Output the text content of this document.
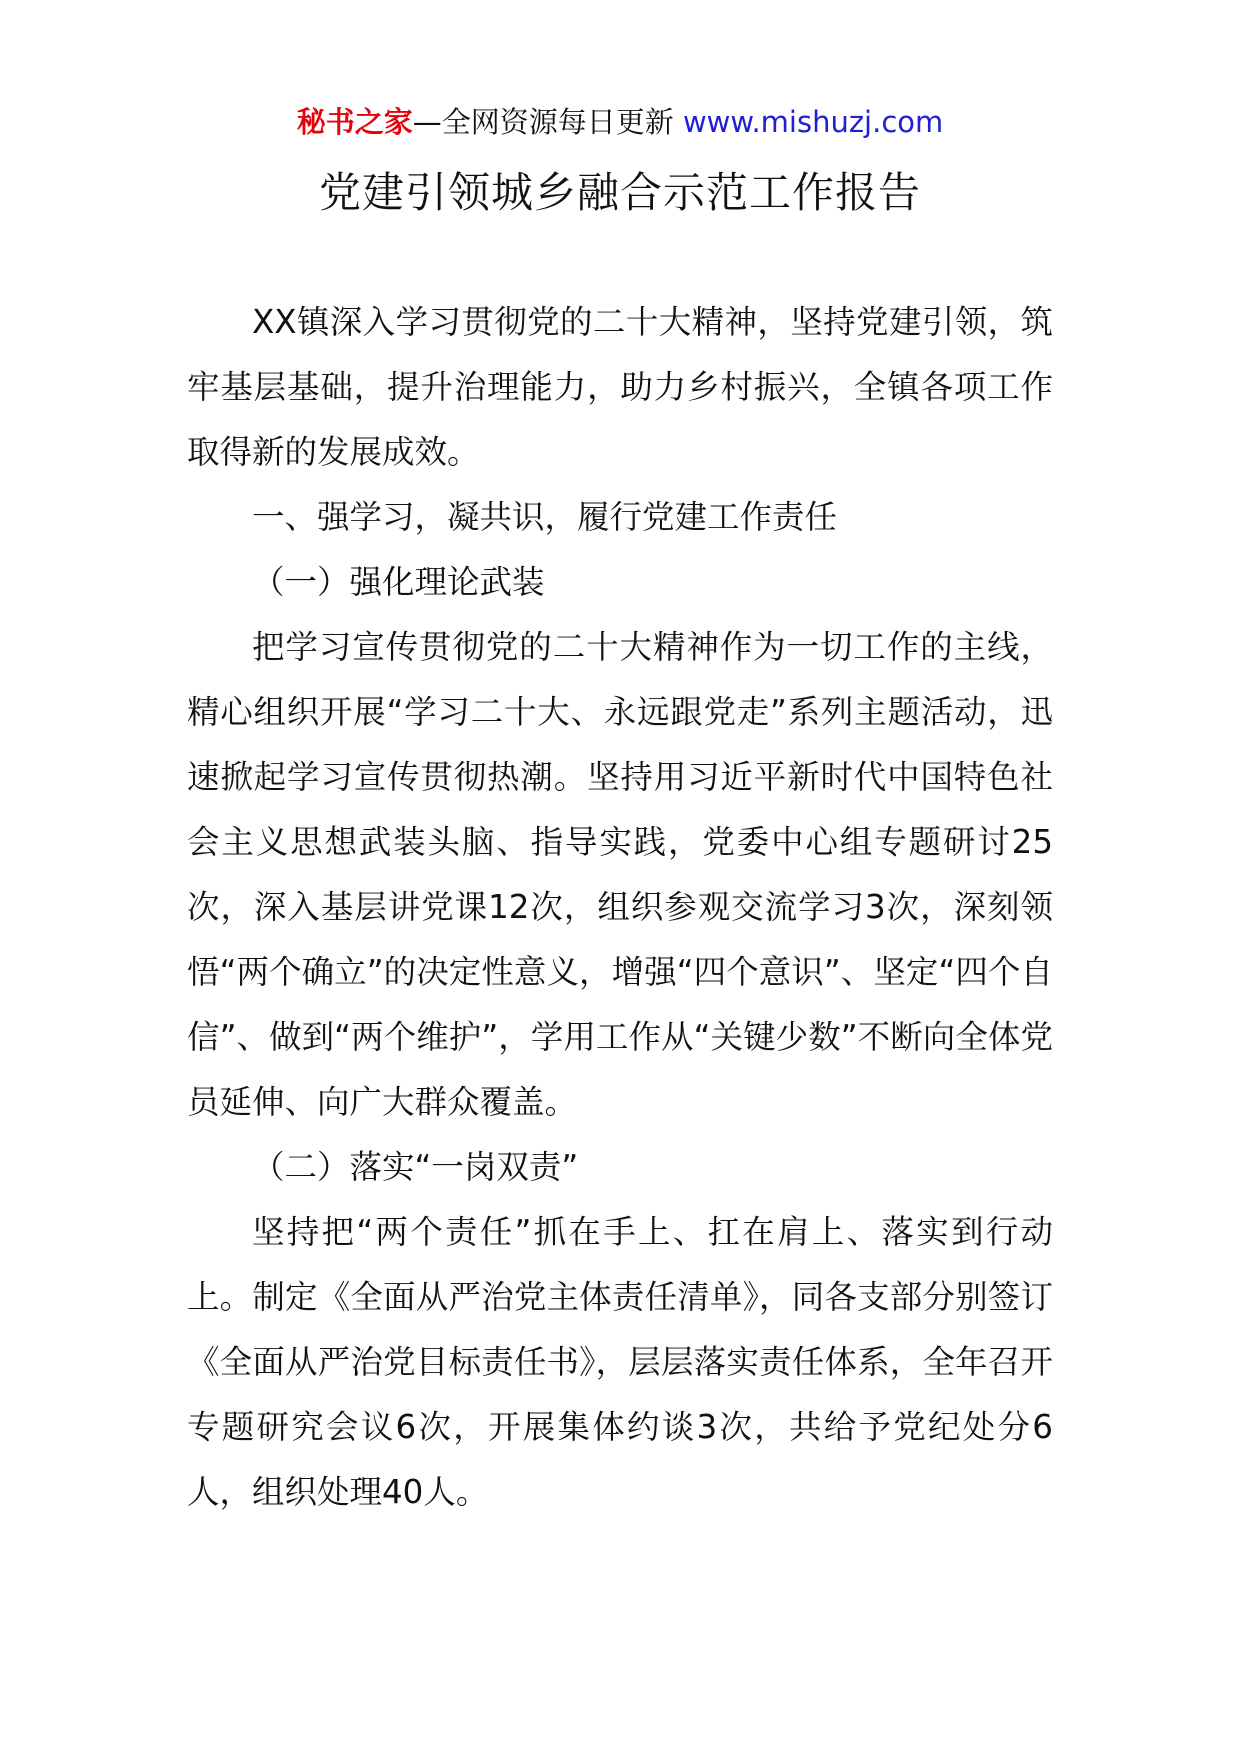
秘书之家—全网资源每日更新 www.mishuzj.com
党建引领城乡融合示范工作报告

XX镇深入学习贯彻党的二十大精神，坚持党建引领，筑牢基层基础，提升治理能力，助力乡村振兴，全镇各项工作取得新的发展成效。

一、强学习，凝共识，履行党建工作责任

（一）强化理论武装

把学习宣传贯彻党的二十大精神作为一切工作的主线，精心组织开展“学习二十大、永远跟党走”系列主题活动，迅速掀起学习宣传贯彻热潮。坚持用习近平新时代中国特色社会主义思想武装头脑、指导实践，党委中心组专题研讨25次，深入基层讲党课12次，组织参观交流学习3次，深刻领悟“两个确立”的决定性意义，增强“四个意识”、坚定“四个自信”、做到“两个维护”，学用工作从“关键少数”不断向全体党员延伸、向广大群众覆盖。

（二）落实“一岗双责”

坚持把“两个责任”抓在手上、扛在肩上、落实到行动上。制定《全面从严治党主体责任清单》，同各支部分别签订《全面从严治党目标责任书》，层层落实责任体系，全年召开专题研究会议6次，开展集体约谈3次，共给予党纪处分6人，组织处理40人。
